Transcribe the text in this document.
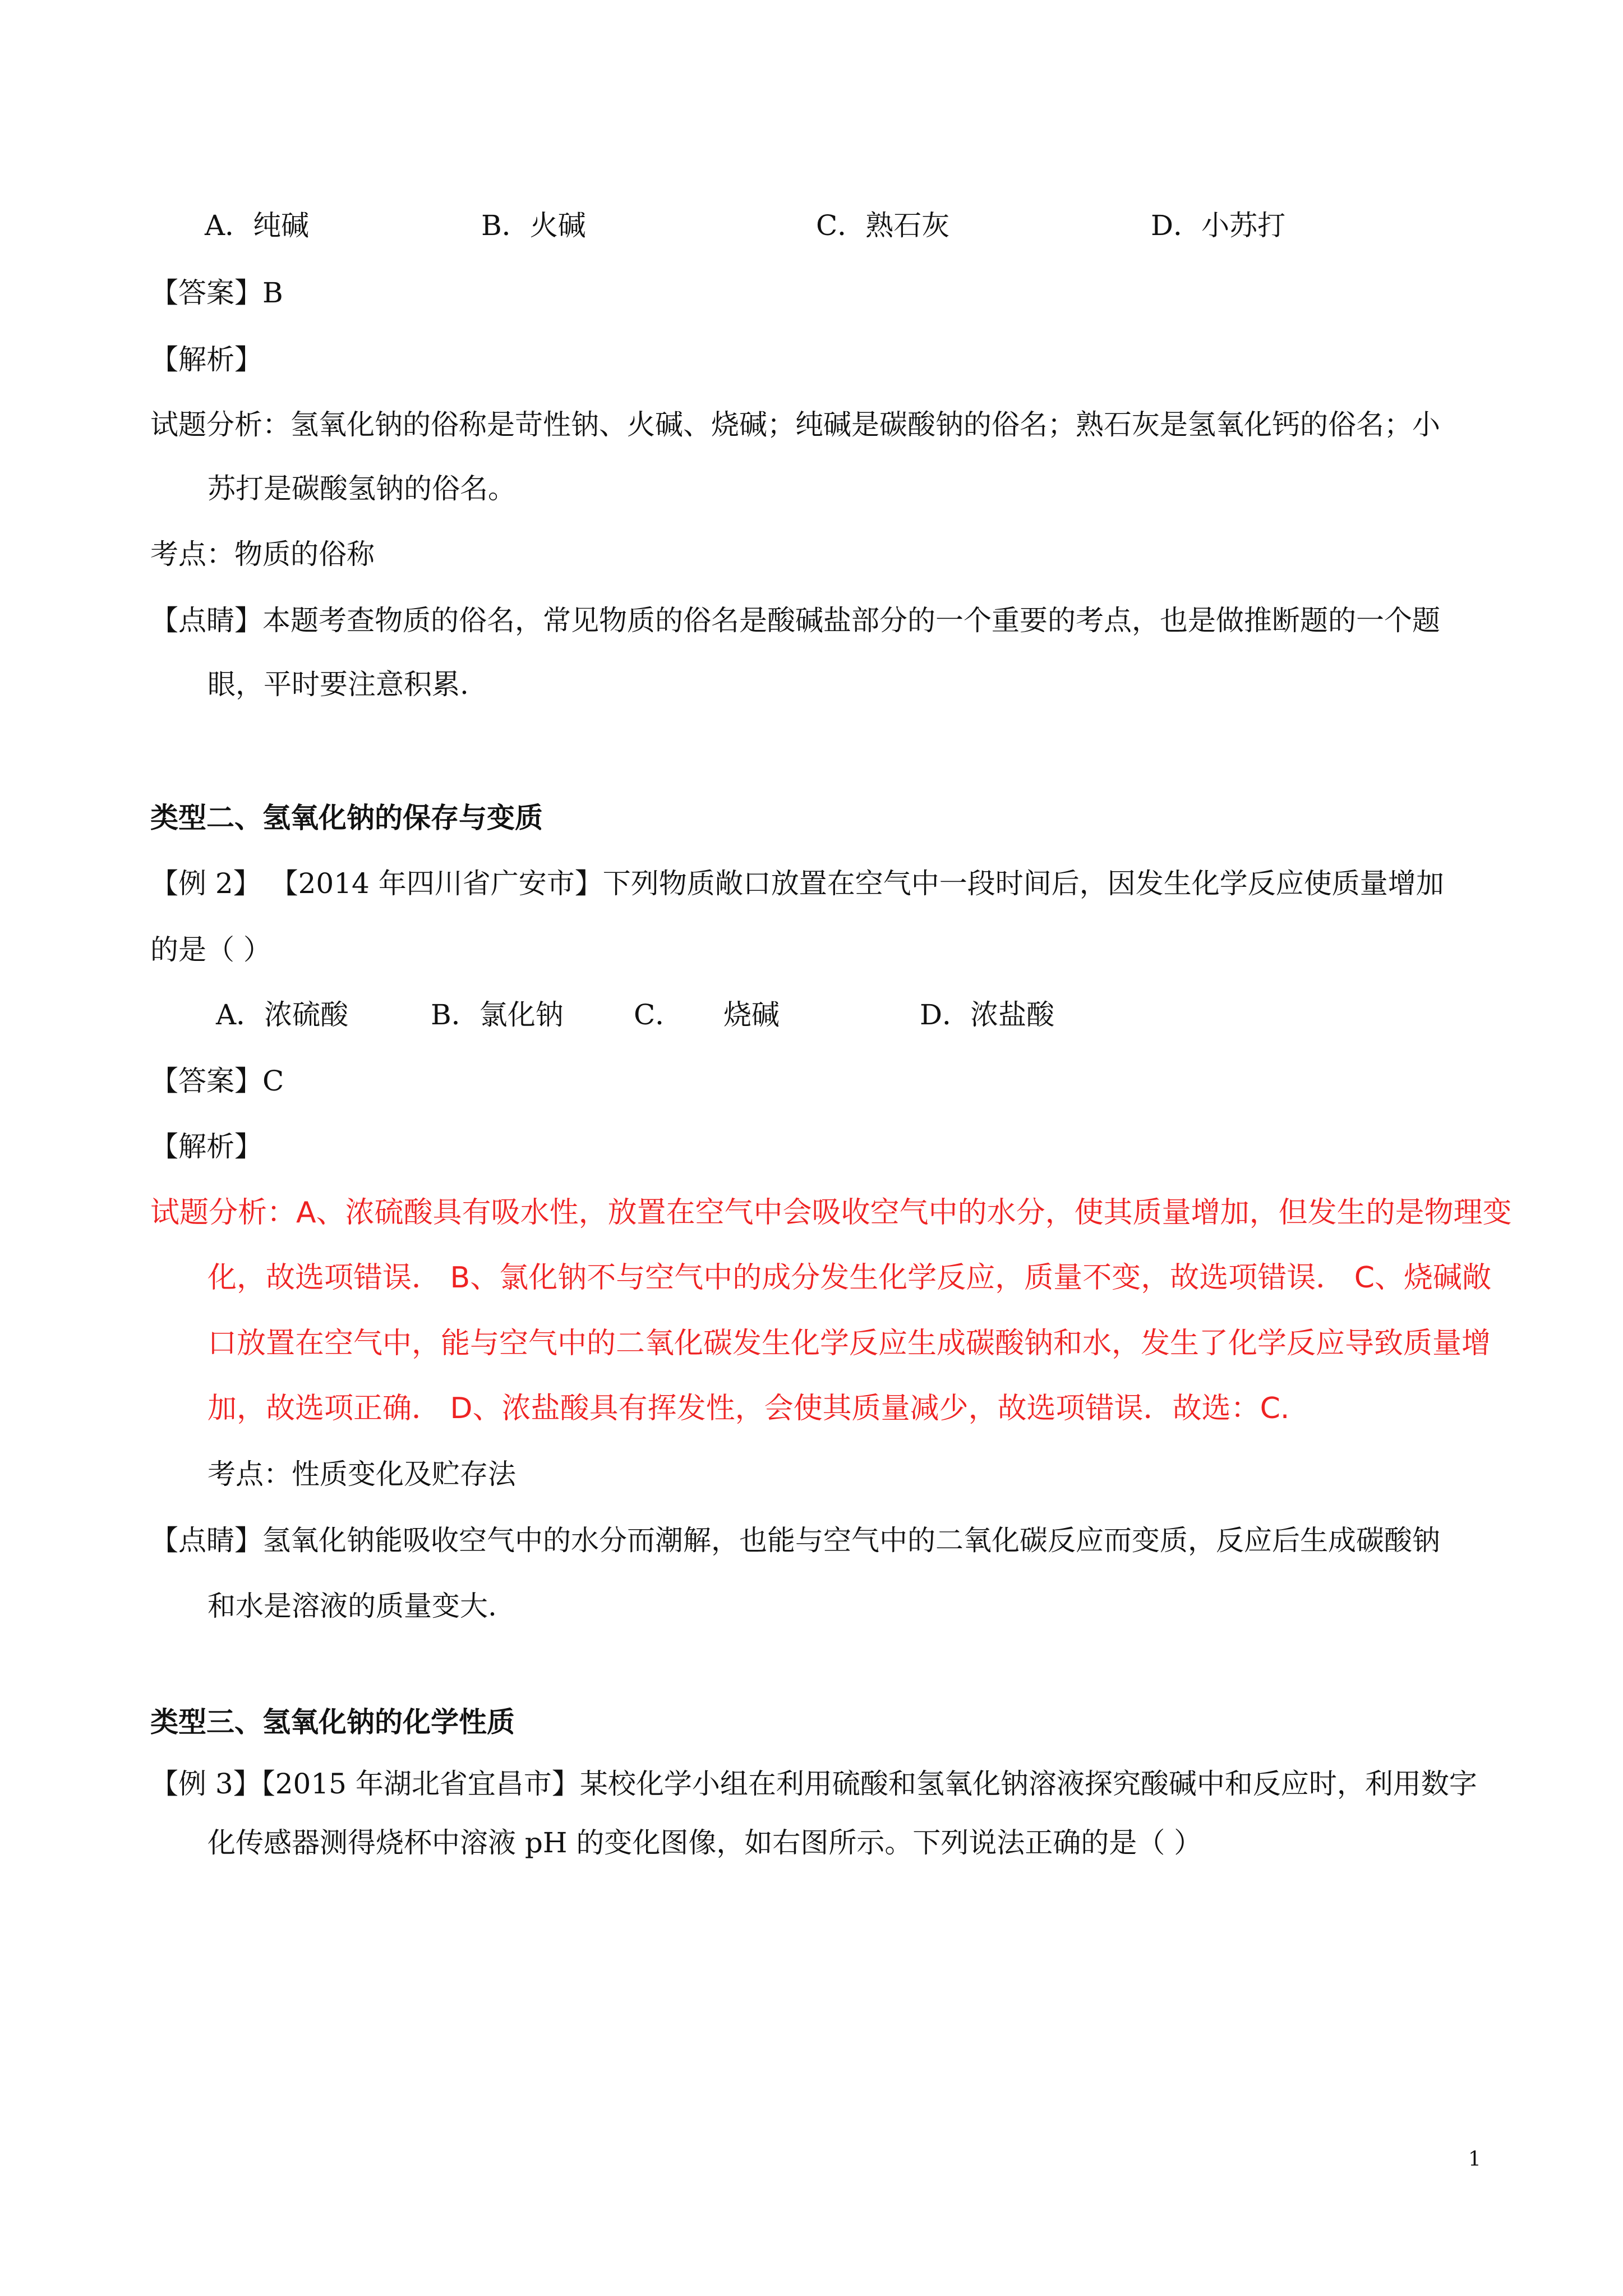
A．纯碱	B．火碱	C．熟石灰	D．小苏打
【答案】B
【解析】
试题分析：氢氧化钠的俗称是苛性钠、火碱、烧碱；纯碱是碳酸钠的俗名；熟石灰是氢氧化钙的俗名；小
苏打是碳酸氢钠的俗名。
考点：物质的俗称
【点睛】本题考查物质的俗名，常见物质的俗名是酸碱盐部分的一个重要的考点，也是做推断题的一个题
眼，平时要注意积累.
类型二、氢氧化钠的保存与变质
【例 2】 【2014 年四川省广安市】下列物质敞口放置在空气中一段时间后，因发生化学反应使质量增加
的是（ ）
A．浓硫酸	B．氯化钠	C． 烧碱	D．浓盐酸
【答案】C
【解析】
试题分析：A、浓硫酸具有吸水性，放置在空气中会吸收空气中的水分，使其质量增加，但发生的是物理变
化，故选项错误． B、氯化钠不与空气中的成分发生化学反应，质量不变，故选项错误． C、烧碱敞
口放置在空气中，能与空气中的二氧化碳发生化学反应生成碳酸钠和水，发生了化学反应导致质量增
加，故选项正确． D、浓盐酸具有挥发性，会使其质量减少，故选项错误．故选：C.
考点：性质变化及贮存法
【点睛】氢氧化钠能吸收空气中的水分而潮解，也能与空气中的二氧化碳反应而变质，反应后生成碳酸钠
和水是溶液的质量变大.
类型三、氢氧化钠的化学性质
【例 3】【2015 年湖北省宜昌市】某校化学小组在利用硫酸和氢氧化钠溶液探究酸碱中和反应时，利用数字
化传感器测得烧杯中溶液 pH 的变化图像，如右图所示。下列说法正确的是（ ）
1
